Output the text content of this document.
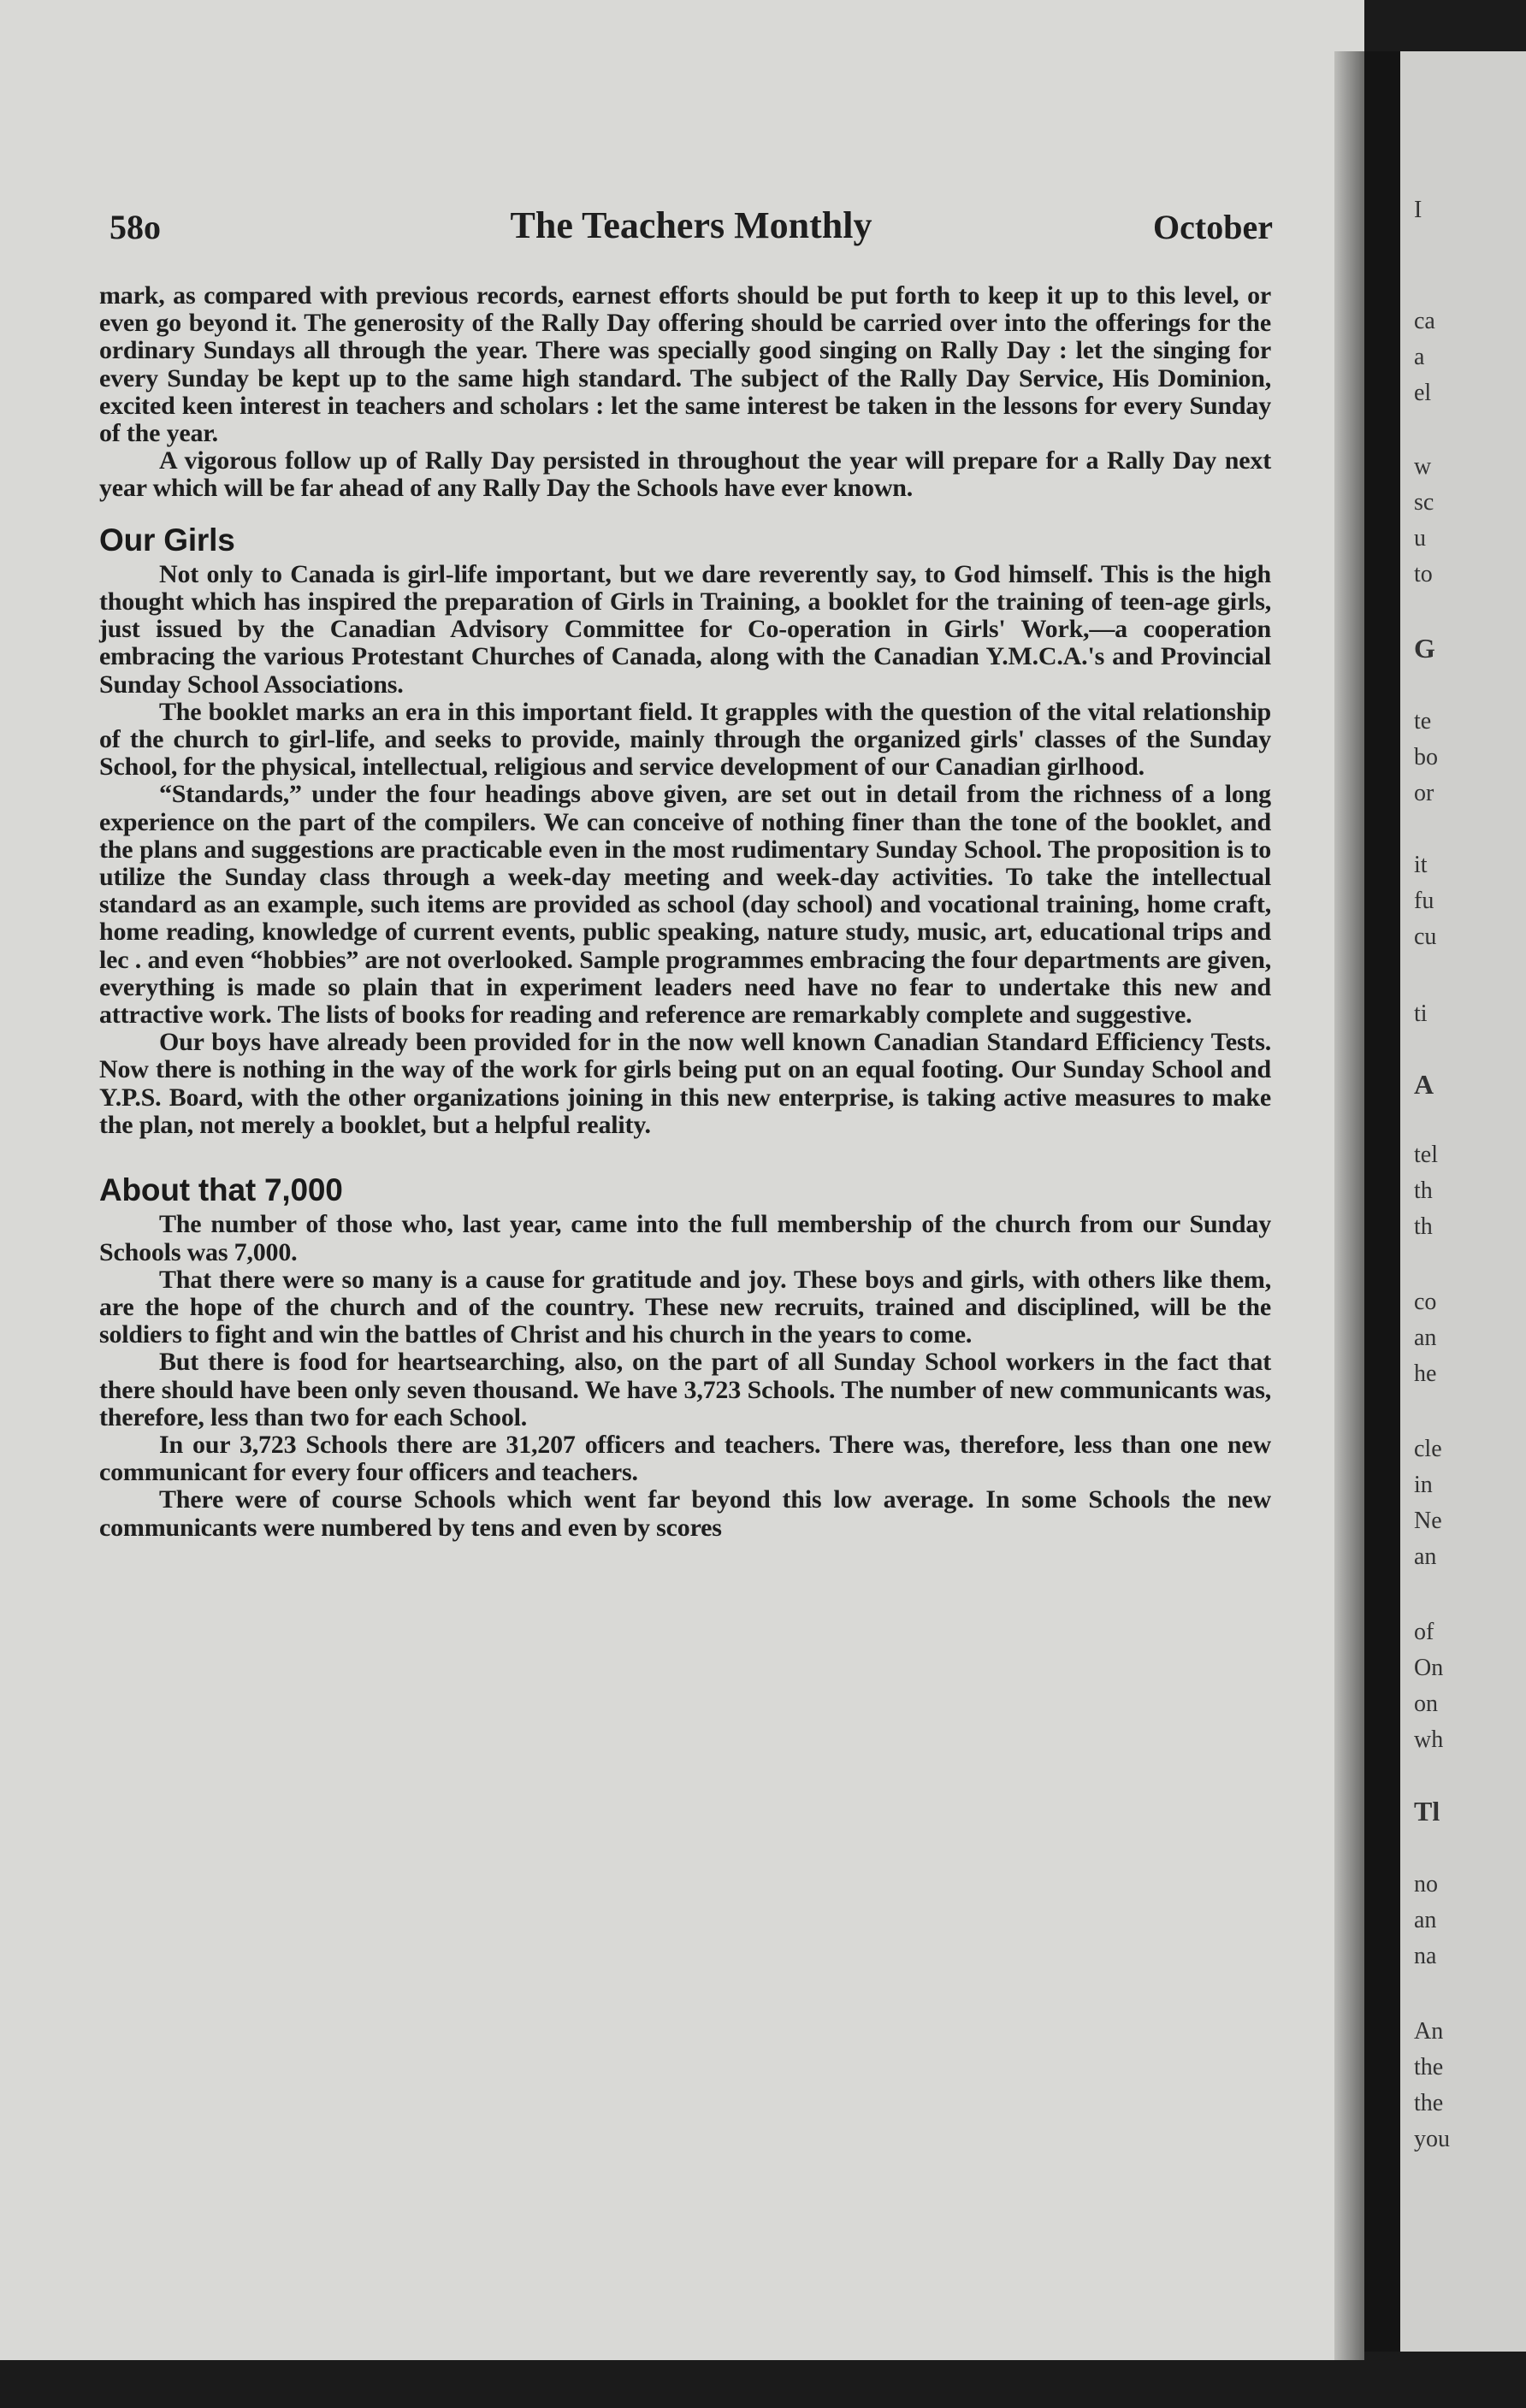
58o	The Teachers Monthly	October

mark, as compared with previous records, earnest efforts should be put forth to keep it up to this level, or even go beyond it. The generosity of the Rally Day offering should be carried over into the offerings for the ordinary Sundays all through the year. There was specially good singing on Rally Day : let the singing for every Sunday be kept up to the same high standard. The subject of the Rally Day Service, His Dominion, excited keen interest in teachers and scholars : let the same interest be taken in the lessons for every Sunday of the year.

A vigorous follow up of Rally Day persisted in throughout the year will prepare for a Rally Day next year which will be far ahead of any Rally Day the Schools have ever known.

Our Girls

Not only to Canada is girl-life important, but we dare reverently say, to God himself. This is the high thought which has inspired the preparation of Girls in Training, a booklet for the training of teen-age girls, just issued by the Canadian Advisory Committee for Co-operation in Girls' Work,—a cooperation embracing the various Protestant Churches of Canada, along with the Canadian Y.M.C.A.'s and Provincial Sunday School Associations.

The booklet marks an era in this important field. It grapples with the question of the vital relationship of the church to girl-life, and seeks to provide, mainly through the organized girls' classes of the Sunday School, for the physical, intellectual, religious and service development of our Canadian girlhood.

“Standards,” under the four headings above given, are set out in detail from the richness of a long experience on the part of the compilers. We can conceive of nothing finer than the tone of the booklet, and the plans and suggestions are practicable even in the most rudimentary Sunday School. The proposition is to utilize the Sunday class through a week-day meeting and week-day activities. To take the intellectual standard as an example, such items are provided as school (day school) and vocational training, home craft, home reading, knowledge of current events, public speaking, nature study, music, art, educational trips and lec . and even “hobbies” are not overlooked. Sample programmes embracing the four departments are given, everything is made so plain that in experiment leaders need have no fear to undertake this new and attractive work. The lists of books for reading and reference are remarkably complete and suggestive.

Our boys have already been provided for in the now well known Canadian Standard Efficiency Tests. Now there is nothing in the way of the work for girls being put on an equal footing. Our Sunday School and Y.P.S. Board, with the other organizations joining in this new enterprise, is taking active measures to make the plan, not merely a booklet, but a helpful reality.

About that 7,000

The number of those who, last year, came into the full membership of the church from our Sunday Schools was 7,000.

That there were so many is a cause for gratitude and joy. These boys and girls, with others like them, are the hope of the church and of the country. These new recruits, trained and disciplined, will be the soldiers to fight and win the battles of Christ and his church in the years to come.

But there is food for heartsearching, also, on the part of all Sunday School workers in the fact that there should have been only seven thousand. We have 3,723 Schools. The number of new communicants was, therefore, less than two for each School.

In our 3,723 Schools there are 31,207 officers and teachers. There was, therefore, less than one new communicant for every four officers and teachers.

There were of course Schools which went far beyond this low average. In some Schools the new communicants were numbered by tens and even by scores

I
ca
a
el
w
sc
u
to
G
te
bo
or
it
fu
cu
ti
A
tel
th
th
co
an
he
cle
in
Ne
an
of
On
on
wh
Tl
no
an
na
An
the
the
you
